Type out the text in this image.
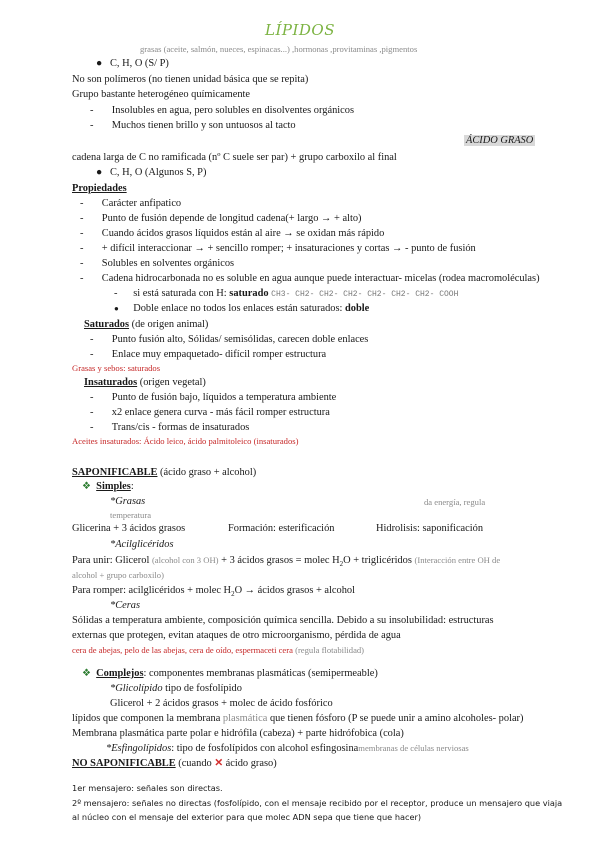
LÍPIDOS
grasas (aceite, salmón, nueces, espinacas...) ,hormonas ,provitaminas ,pigmentos
● C, H, O (S/ P)
No son polímeros (no tienen unidad básica que se repita)
Grupo bastante heterogéneo químicamente
- Insolubles en agua, pero solubles en disolventes orgánicos
- Muchos tienen brillo y son untuosos al tacto
ÁCIDO GRASO
cadena larga de C no ramificada (nº C suele ser par) + grupo carboxilo al final
● C, H, O (Algunos S, P)
Propiedades
- Carácter anfipatico
- Punto de fusión depende de longitud cadena(+ largo → + alto)
- Cuando ácidos grasos líquidos están al aire → se oxidan más rápido
- + difícil interaccionar → + sencillo romper; + insaturaciones y cortas → - punto de fusión
- Solubles en solventes orgánicos
- Cadena hidrocarbonada no es soluble en agua aunque puede interactuar- micelas (rodea macromoléculas)
- si está saturada con H: saturado CH3- CH2- CH2- CH2- CH2- CH2- CH2- COOH
● Doble enlace no todos los enlaces están saturados: doble
Saturados (de origen animal)
- Punto fusión alto, Sólidas/ semisólidas, carecen doble enlaces
- Enlace muy empaquetado- difícil romper estructura
Grasas y sebos: saturados
Insaturados (origen vegetal)
- Punto de fusión bajo, líquidos a temperatura ambiente
- x2 enlace genera curva - más fácil romper estructura
- Trans/cis - formas de insaturados
Aceites insaturados: Ácido leico, ácido palmitoleico (insaturados)
SAPONIFICABLE (ácido graso + alcohol)
❖ Simples:
*Grasas	da energía, regula
temperatura
Glicerina + 3 ácidos grasos	Formación: esterificación	Hidrolisis: saponificación
*Acilglicéridos
Para unir: Glicerol (alcohol con 3 OH) + 3 ácidos grasos = molec $H_2O$ + triglicéridos (Interacción entre OH de
alcohol + grupo carboxilo)
Para romper: acilglicéridos + molec $H_2O$ → ácidos grasos + alcohol
*Ceras
Sólidas a temperatura ambiente, composición química sencilla. Debido a su insolubilidad: estructuras
externas que protegen, evitan ataques de otro microorganismo, pérdida de agua
cera de abejas, pelo de las abejas, cera de oído, espermaceti cera (regula flotabilidad)
❖ Complejos: componentes membranas plasmáticas (semipermeable)
*Glicolípido tipo de fosfolípido
Glicerol + 2 ácidos grasos + molec de ácido fosfórico
lípidos que componen la membrana plasmática que tienen fósforo (P se puede unir a amino alcoholes- polar)
Membrana plasmática parte polar e hidrófila (cabeza) + parte hidrófobica (cola)
*Esfingolípidos: tipo de fosfolípidos con alcohol esfingosinamembranas de células nerviosas
NO SAPONIFICABLE (cuando ✕ ácido graso)
1er mensajero: señales son directas.
2º mensajero: señales no directas (fosfolípido, con el mensaje recibido por el receptor, produce un mensajero que viaja
al núcleo con el mensaje del exterior para que molec ADN sepa que tiene que hacer)
